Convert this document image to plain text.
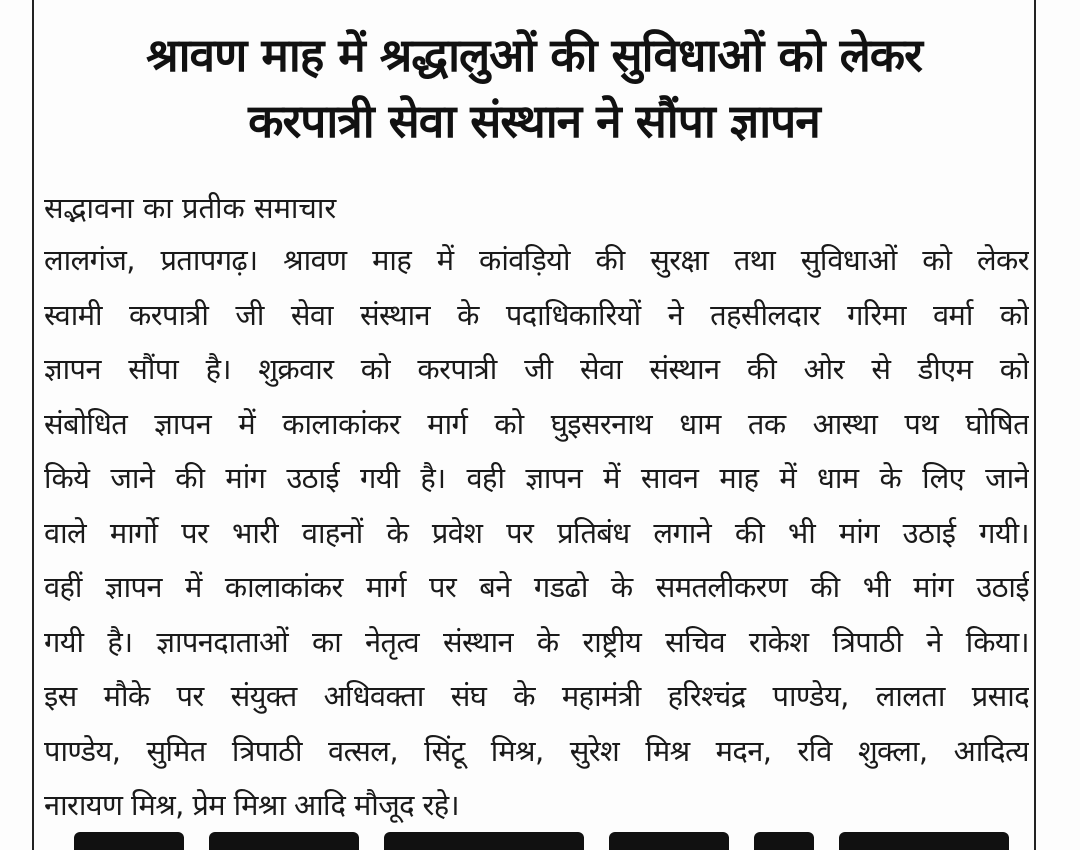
श्रावण माह में श्रद्धालुओं की सुविधाओं को लेकर
करपात्री सेवा संस्थान ने सौंपा ज्ञापन
सद्भावना का प्रतीक समाचार
लालगंज, प्रतापगढ़। श्रावण माह में कांवड़ियो की सुरक्षा तथा सुविधाओं को लेकर
स्वामी करपात्री जी सेवा संस्थान के पदाधिकारियों ने तहसीलदार गरिमा वर्मा को
ज्ञापन सौंपा है। शुक्रवार को करपात्री जी सेवा संस्थान की ओर से डीएम को
संबोधित ज्ञापन में कालाकांकर मार्ग को घुइसरनाथ धाम तक आस्था पथ घोषित
किये जाने की मांग उठाई गयी है। वही ज्ञापन में सावन माह में धाम के लिए जाने
वाले मार्गो पर भारी वाहनों के प्रवेश पर प्रतिबंध लगाने की भी मांग उठाई गयी।
वहीं ज्ञापन में कालाकांकर मार्ग पर बने गडढो के समतलीकरण की भी मांग उठाई
गयी है। ज्ञापनदाताओं का नेतृत्व संस्थान के राष्ट्रीय सचिव राकेश त्रिपाठी ने किया।
इस मौके पर संयुक्त अधिवक्ता संघ के महामंत्री हरिश्चंद्र पाण्डेय, लालता प्रसाद
पाण्डेय, सुमित त्रिपाठी वत्सल, सिंटू मिश्र, सुरेश मिश्र मदन, रवि शुक्ला, आदित्य
नारायण मिश्र, प्रेम मिश्रा आदि मौजूद रहे।
